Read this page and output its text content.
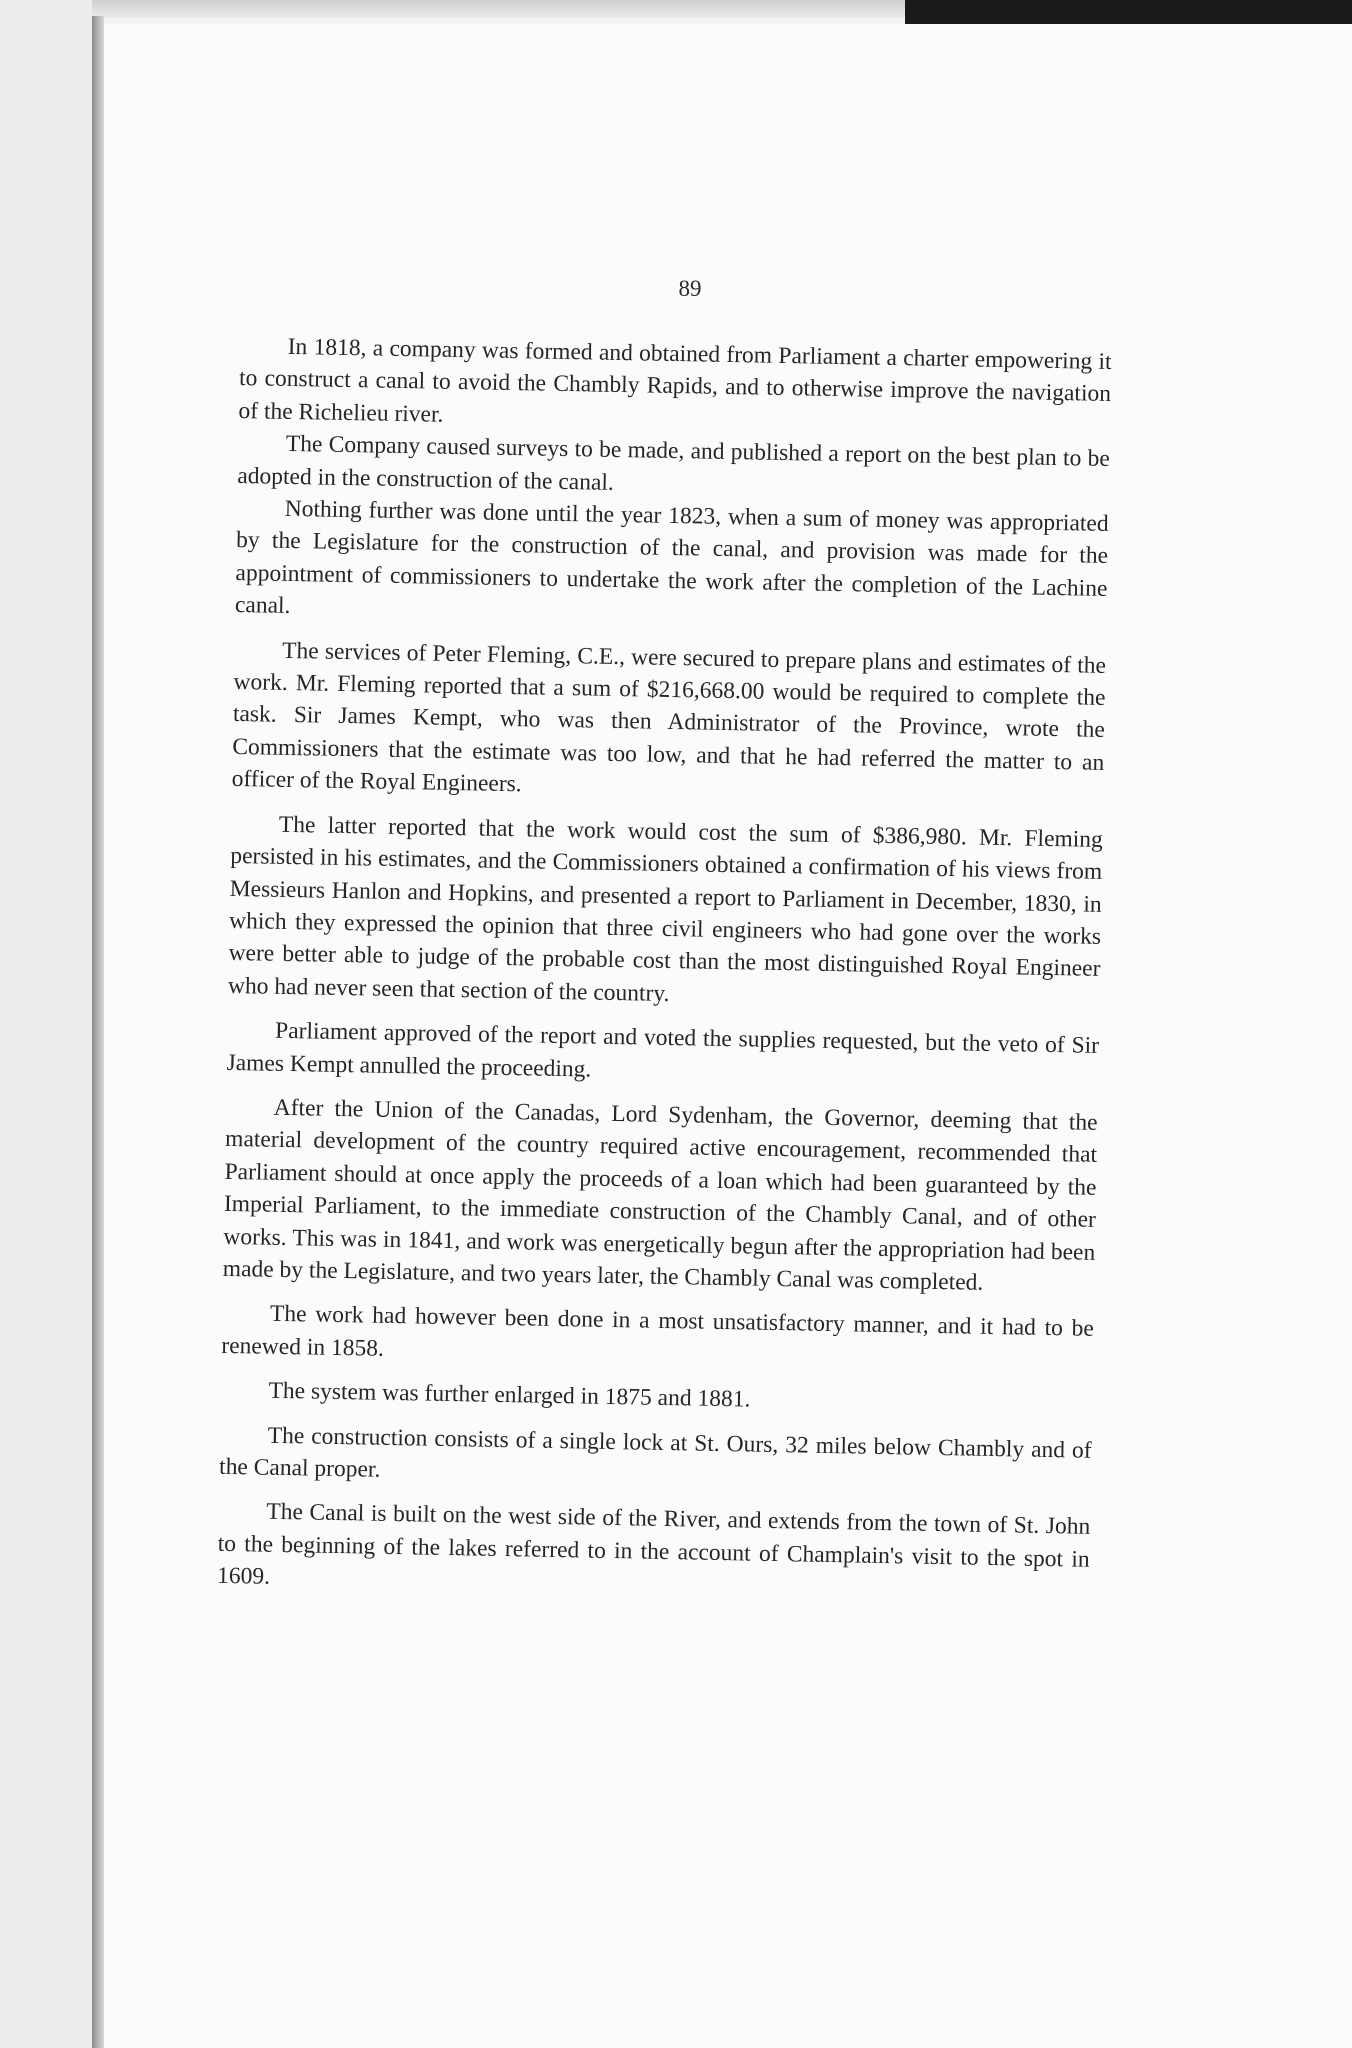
89

In 1818, a company was formed and obtained from Parliament a charter empowering it to construct a canal to avoid the Chambly Rapids, and to otherwise improve the navigation of the Richelieu river.

The Company caused surveys to be made, and published a report on the best plan to be adopted in the construction of the canal.

Nothing further was done until the year 1823, when a sum of money was appropriated by the Legislature for the construction of the canal, and provision was made for the appointment of commissioners to undertake the work after the completion of the Lachine canal.

The services of Peter Fleming, C.E., were secured to prepare plans and estimates of the work. Mr. Fleming reported that a sum of $216,668.00 would be required to complete the task. Sir James Kempt, who was then Administrator of the Province, wrote the Commissioners that the estimate was too low, and that he had referred the matter to an officer of the Royal Engineers.

The latter reported that the work would cost the sum of $386,980. Mr. Fleming persisted in his estimates, and the Commissioners obtained a confirmation of his views from Messieurs Hanlon and Hopkins, and presented a report to Parliament in December, 1830, in which they expressed the opinion that three civil engineers who had gone over the works were better able to judge of the probable cost than the most distinguished Royal Engineer who had never seen that section of the country.

Parliament approved of the report and voted the supplies requested, but the veto of Sir James Kempt annulled the proceeding.

After the Union of the Canadas, Lord Sydenham, the Governor, deeming that the material development of the country required active encouragement, recommended that Parliament should at once apply the proceeds of a loan which had been guaranteed by the Imperial Parliament, to the immediate construction of the Chambly Canal, and of other works. This was in 1841, and work was energetically begun after the appropriation had been made by the Legislature, and two years later, the Chambly Canal was completed.

The work had however been done in a most unsatisfactory manner, and it had to be renewed in 1858.

The system was further enlarged in 1875 and 1881.

The construction consists of a single lock at St. Ours, 32 miles below Chambly and of the Canal proper.

The Canal is built on the west side of the River, and extends from the town of St. John to the beginning of the lakes referred to in the account of Champlain's visit to the spot in 1609.
